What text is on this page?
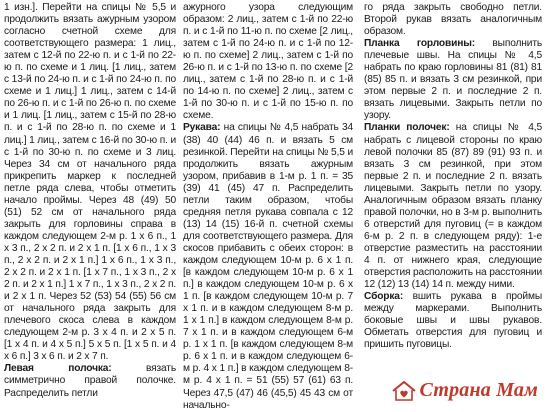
1 изн.]. Перейти на спицы № 5,5 и продолжить вязать ажурным узором согласно счетной схеме для соответствующего размера: 1 лиц., затем с 12-й по 22-ю п. и с 1-й по 22-ю п. по схеме и 1 лиц. [1 лиц., затем с 13-й по 24-ю п. и с 1-й по 24-ю п. по схеме и 1 лиц.] 1 лиц., затем с 14-й по 26-ю п. и с 1-й по 26-ю п. по схеме и 1 лиц. [1 лиц., затем с 15-й по 28-ю п. и с 1-й по 28-ю п. по схеме и 1 лиц.] 1 лиц., затем с 16-й по 30-ю п. и с 1-й по 30-ю п. по схеме и 3 лиц. Через 34 см от начального ряда прикрепить маркер к последней петле ряда слева, чтобы отметить начало проймы. Через 48 (49) 50 (51) 52 см от начального ряда закрыть для горловины справа в каждом следующем 2-м р. 1 х 6 п., 1 х 3 п., 2 х 2 п. и 2 х 1 п. [1 х 6 п., 1 х 3 п., 2 х 2 п. и 2 х 1 п.] 1 х 6 п., 1 х 3 п., 2 х 2 п. и 2 х 1 п. [1 х 7 п., 1 х 3 п., 2 х 2 п. и 2 х 1 п.] 1 х 7 п., 1 х 3 п., 2 х 2 п. и 2 х 1 п. Через 52 (53) 54 (55) 56 см от начального ряда закрыть для плечевого скоса слева в каждом следующем 2-м р. 3 х 4 п. и 2 х 5 п. [1 х 4 п. и 4 х 5 п.] 5 х 5 п. [1 х 5 п. и 4 х 6 п.] 3 х 6 п. и 2 х 7 п.

Левая полочка: вязать симметрично правой полочке. Распределить петли

ажурного узора следующим образом: 2 лиц., затем с 1-й по 22-ю п. и с 1-й по 11-ю п. по схеме [2 лиц., затем с 1-й по 24-ю п. и с 1-й по 12-ю п. по схеме] 2 лиц., затем с 1-й по 26-ю п. и с 1-й по 13-ю п. по схеме [2 лиц., затем с 1-й по 28-ю п. и с 1-й по 14-ю п. по схеме] 2 лиц., затем с 1-й по 30-ю п. и с 1-й по 15-ю п. по схеме.

Рукава: на спицы № 4,5 набрать 34 (38) 40 (44) 46 п. и вязать 5 см резинкой. Перейти на спицы № 5,5 и продолжить вязать ажурным узором, прибавив в 1-м р. 1 п. = 35 (39) 41 (45) 47 п. Распределить петли таким образом, чтобы средняя петля рукава совпала с 12 (13) 14 (15) 16-й п. счетной схемы для соответствующего размера. Для скосов прибавить с обеих сторон: в каждом следующем 10-м р. 6 х 1 п. [в каждом следующем 10-м р. 6 х 1 п.] в каждом следующем 10-м р. 6 х 1 п. [в каждом следующем 10-м р. 7 х 1 п. и в каждом следующем 8-м р. 1 х 1 п.] в каждом следующем 8-м р. 7 х 1 п. и в каждом следующем 6-м р. 1 х 1 п. [в каждом следующем 8-м р. 6 х 1 п. и в каждом следующем 6-м р. 4 х 1 п.] в каждом следующем 8-м р. 4 х 1 п. = 51 (55) 57 (61) 63 п. Через 47,5 (47) 46 (45,5) 45 43 см от начально-

го ряда закрыть свободно петли. Второй рукав вязать аналогичным образом.

Планка горловины: выполнить плечевые швы. На спицы № 4,5 набрать по краю горловины 81 (81) 81 (85) 85 п. и вязать 3 см резинкой, при этом первые 2 п. и последние 2 п. вязать лицевыми. Закрыть петли по узору.

Планки полочек: на спицы № 4,5 набрать с лицевой стороны по краю левой полочки 85 (87) 89 (91) 93 п. и вязать 3 см резинкой, при этом первые 2 п. и последние 2 п. вязать лицевыми. Закрыть петли по узору. Аналогичным образом вязать планку правой полочки, но в 3-м р. выполнить 6 отверстий для пуговиц (= в каждом 6-м р. 2 п. в следующем ряду): 1-е отверстие разместить на расстоянии 4 п. от нижнего края, следующие отверстия расположить на расстоянии 12 (12) 13 (14) 14 п. между ними.

Сборка: вшить рукава в проймы между маркерами. Выполнить боковые швы и швы рукавов. Обметать отверстия для пуговиц и пришить пуговицы.

Страна Мам
